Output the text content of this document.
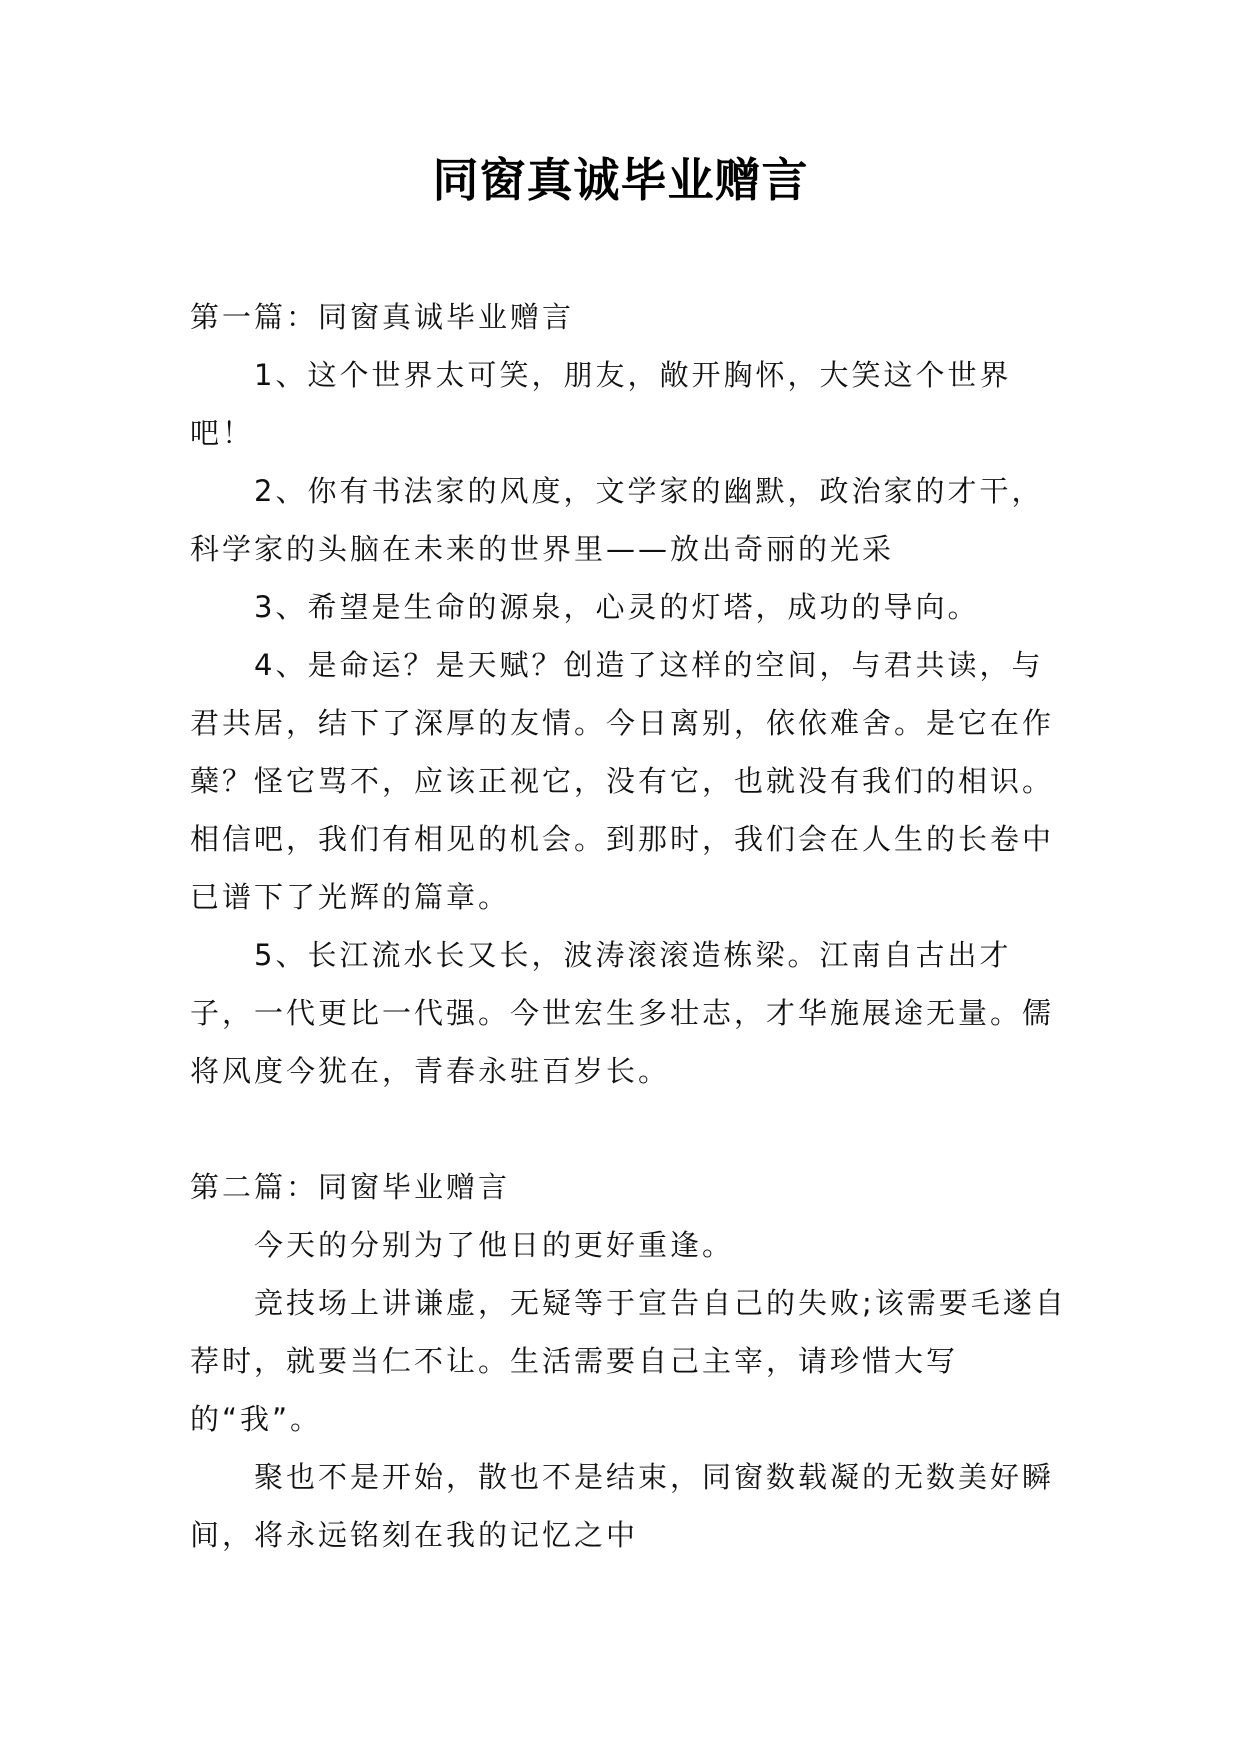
同窗真诚毕业赠言

第一篇：同窗真诚毕业赠言

1、这个世界太可笑，朋友，敞开胸怀，大笑这个世界吧！

2、你有书法家的风度，文学家的幽默，政治家的才干，科学家的头脑在未来的世界里——放出奇丽的光采

3、希望是生命的源泉，心灵的灯塔，成功的导向。

4、是命运？是天赋？创造了这样的空间，与君共读，与君共居，结下了深厚的友情。今日离别，依依难舍。是它在作蘖？怪它骂不，应该正视它，没有它，也就没有我们的相识。相信吧，我们有相见的机会。到那时，我们会在人生的长卷中已谱下了光辉的篇章。

5、长江流水长又长，波涛滚滚造栋梁。江南自古出才子，一代更比一代强。今世宏生多壮志，才华施展途无量。儒将风度今犹在，青春永驻百岁长。

第二篇：同窗毕业赠言

今天的分别为了他日的更好重逢。

竞技场上讲谦虚，无疑等于宣告自己的失败;该需要毛遂自荐时，就要当仁不让。生活需要自己主宰，请珍惜大写的“我”。

聚也不是开始，散也不是结束，同窗数载凝的无数美好瞬间，将永远铭刻在我的记忆之中
